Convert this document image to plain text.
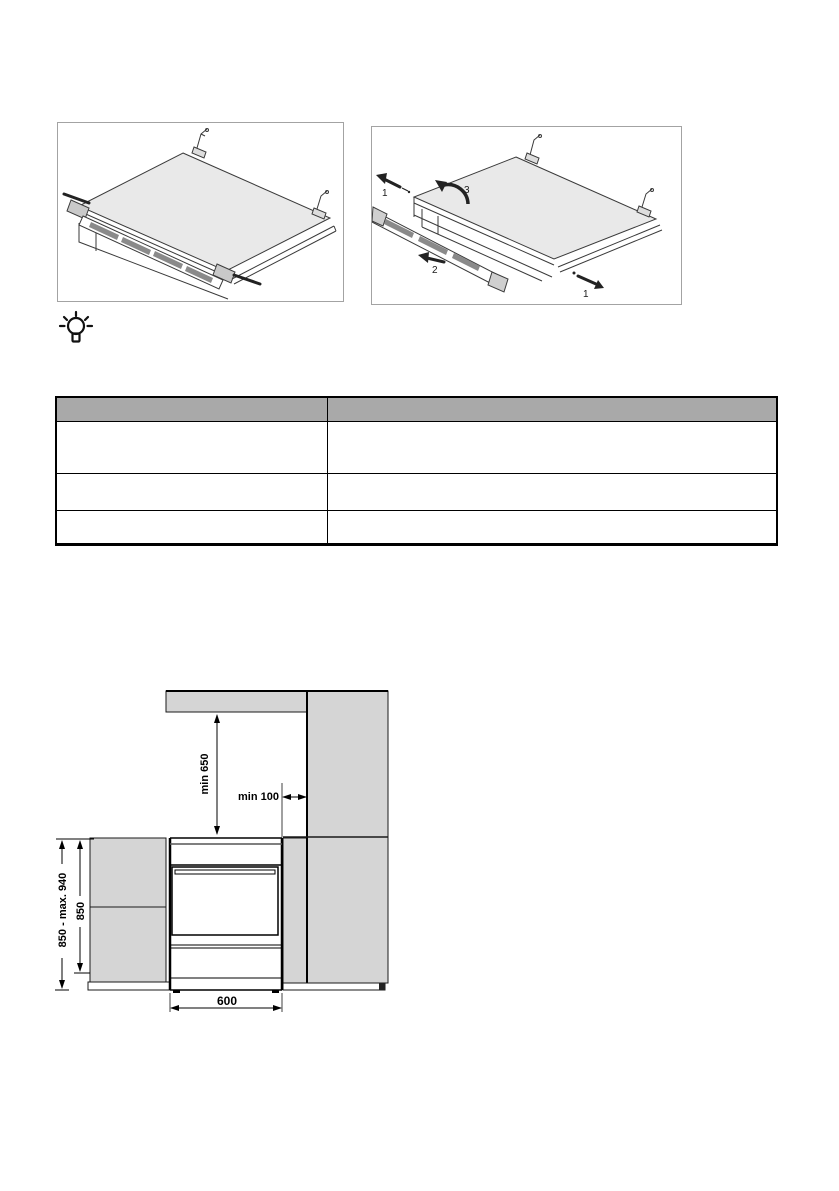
1
2
3
1

min 650
min 100
850 - max. 940 850
600
